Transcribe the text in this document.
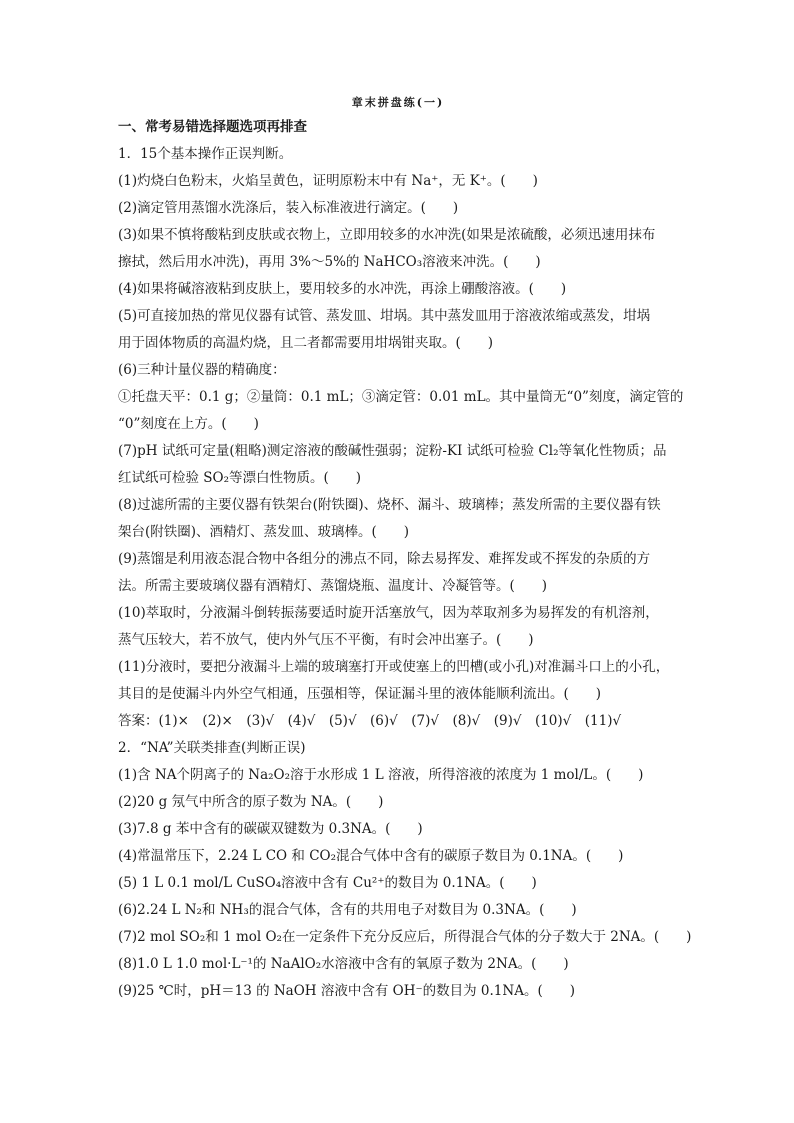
章末拼盘练(一)
一、常考易错选择题选项再排查
1．15个基本操作正误判断。
(1)灼烧白色粉末，火焰呈黄色，证明原粉末中有 Na⁺，无 K⁺。(　　)
(2)滴定管用蒸馏水洗涤后，装入标准液进行滴定。(　　)
(3)如果不慎将酸粘到皮肤或衣物上，立即用较多的水冲洗(如果是浓硫酸，必须迅速用抹布
擦拭，然后用水冲洗)，再用 3%～5%的 NaHCO₃溶液来冲洗。(　　)
(4)如果将碱溶液粘到皮肤上，要用较多的水冲洗，再涂上硼酸溶液。(　　)
(5)可直接加热的常见仪器有试管、蒸发皿、坩埚。其中蒸发皿用于溶液浓缩或蒸发，坩埚
用于固体物质的高温灼烧，且二者都需要用坩埚钳夹取。(　　)
(6)三种计量仪器的精确度：
①托盘天平：0.1 g；②量筒：0.1 mL；③滴定管：0.01 mL。其中量筒无“0”刻度，滴定管的
“0”刻度在上方。(　　)
(7)pH 试纸可定量(粗略)测定溶液的酸碱性强弱；淀粉-KI 试纸可检验 Cl₂等氧化性物质；品
红试纸可检验 SO₂等漂白性物质。(　　)
(8)过滤所需的主要仪器有铁架台(附铁圈)、烧杯、漏斗、玻璃棒；蒸发所需的主要仪器有铁
架台(附铁圈)、酒精灯、蒸发皿、玻璃棒。(　　)
(9)蒸馏是利用液态混合物中各组分的沸点不同，除去易挥发、难挥发或不挥发的杂质的方
法。所需主要玻璃仪器有酒精灯、蒸馏烧瓶、温度计、冷凝管等。(　　)
(10)萃取时，分液漏斗倒转振荡要适时旋开活塞放气，因为萃取剂多为易挥发的有机溶剂，
蒸气压较大，若不放气，使内外气压不平衡，有时会冲出塞子。(　　)
(11)分液时，要把分液漏斗上端的玻璃塞打开或使塞上的凹槽(或小孔)对准漏斗口上的小孔，
其目的是使漏斗内外空气相通，压强相等，保证漏斗里的液体能顺利流出。(　　)
答案：(1)×　(2)×　(3)√　(4)√　(5)√　(6)√　(7)√　(8)√　(9)√　(10)√　(11)√
2．“NA”关联类排查(判断正误)
(1)含 NA个阴离子的 Na₂O₂溶于水形成 1 L 溶液，所得溶液的浓度为 1 mol/L。(　　)
(2)20 g 氖气中所含的原子数为 NA。(　　)
(3)7.8 g 苯中含有的碳碳双键数为 0.3NA。(　　)
(4)常温常压下，2.24 L CO 和 CO₂混合气体中含有的碳原子数目为 0.1NA。(　　)
(5) 1 L 0.1 mol/L CuSO₄溶液中含有 Cu²⁺的数目为 0.1NA。(　　)
(6)2.24 L N₂和 NH₃的混合气体，含有的共用电子对数目为 0.3NA。(　　)
(7)2 mol SO₂和 1 mol O₂在一定条件下充分反应后，所得混合气体的分子数大于 2NA。(　　)
(8)1.0 L 1.0 mol·L⁻¹的 NaAlO₂水溶液中含有的氧原子数为 2NA。(　　)
(9)25 ℃时，pH＝13 的 NaOH 溶液中含有 OH⁻的数目为 0.1NA。(　　)
